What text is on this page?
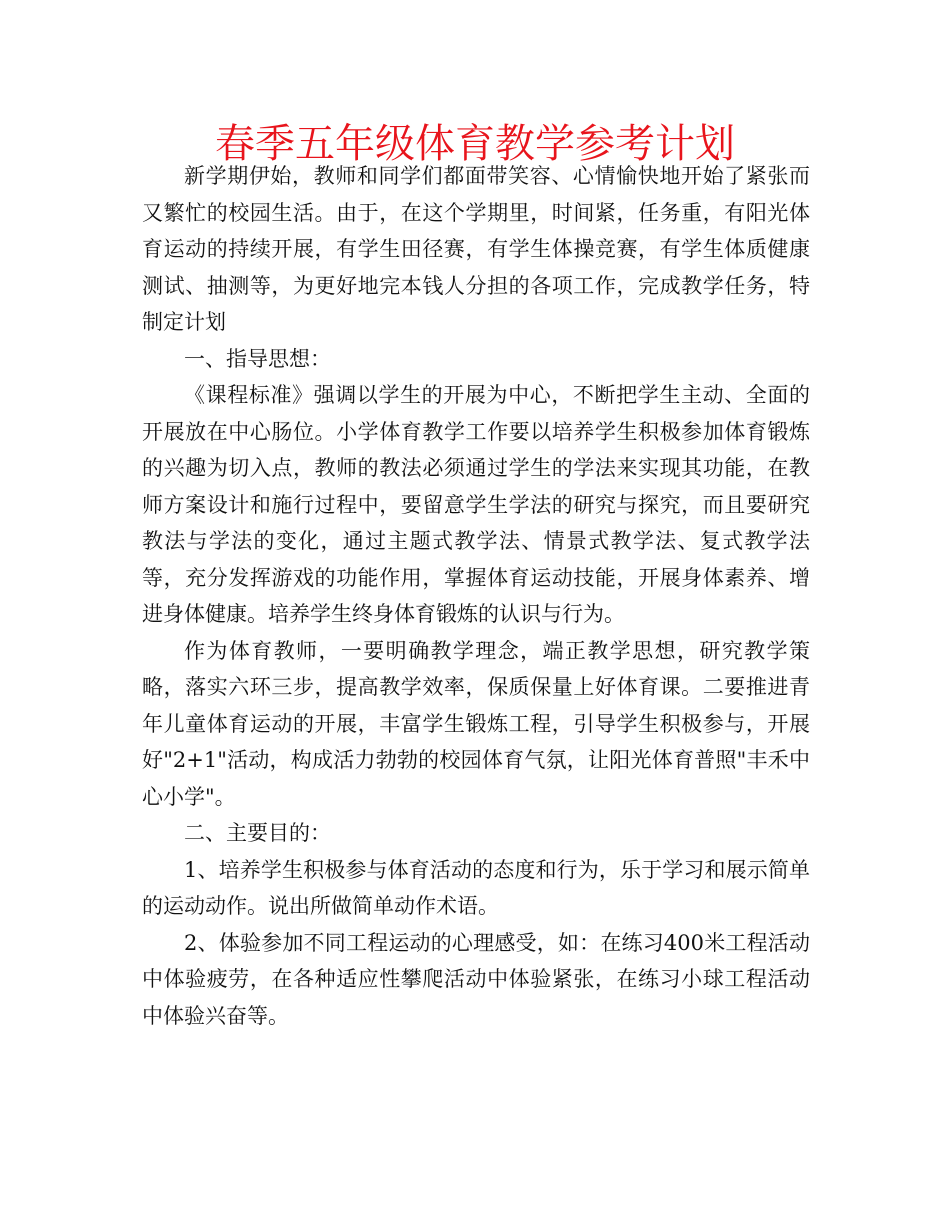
春季五年级体育教学参考计划

新学期伊始，教师和同学们都面带笑容、心情愉快地开始了紧张而又繁忙的校园生活。由于，在这个学期里，时间紧，任务重，有阳光体育运动的持续开展，有学生田径赛，有学生体操竞赛，有学生体质健康测试、抽测等，为更好地完本钱人分担的各项工作，完成教学任务，特制定计划

一、指导思想：

《课程标准》强调以学生的开展为中心，不断把学生主动、全面的开展放在中心肠位。小学体育教学工作要以培养学生积极参加体育锻炼的兴趣为切入点，教师的教法必须通过学生的学法来实现其功能，在教师方案设计和施行过程中，要留意学生学法的研究与探究，而且要研究教法与学法的变化，通过主题式教学法、情景式教学法、复式教学法等，充分发挥游戏的功能作用，掌握体育运动技能，开展身体素养、增进身体健康。培养学生终身体育锻炼的认识与行为。

作为体育教师，一要明确教学理念，端正教学思想，研究教学策略，落实六环三步，提高教学效率，保质保量上好体育课。二要推进青年儿童体育运动的开展，丰富学生锻炼工程，引导学生积极参与，开展好"2+1"活动，构成活力勃勃的校园体育气氛，让阳光体育普照"丰禾中心小学"。

二、主要目的：

1、培养学生积极参与体育活动的态度和行为，乐于学习和展示简单的运动动作。说出所做简单动作术语。

2、体验参加不同工程运动的心理感受，如：在练习400米工程活动中体验疲劳，在各种适应性攀爬活动中体验紧张，在练习小球工程活动中体验兴奋等。
